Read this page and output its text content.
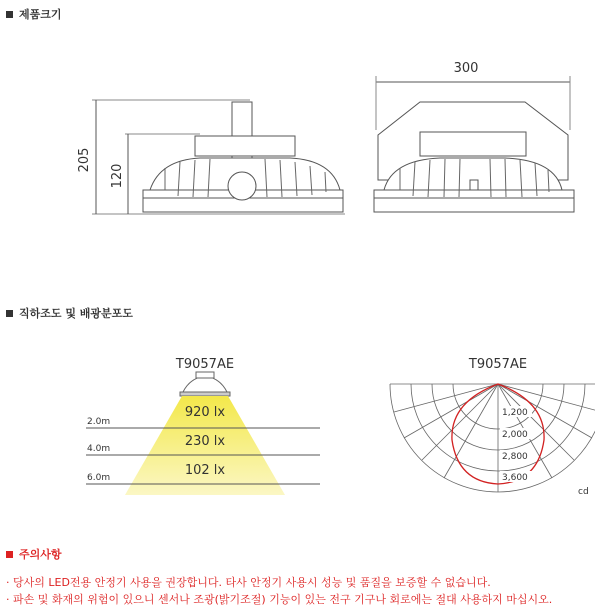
제품크기
205
120
300
직하조도 및 배광분포도
T9057AE
2.0m
4.0m
6.0m
920 lx
230 lx
102 lx
T9057AE
1,200
2,000
2,800
3,600
cd
주의사항
· 당사의 LED전용 안정기 사용을 권장합니다. 타사 안정기 사용시 성능 및 품질을 보증할 수 없습니다.
· 파손 및 화재의 위험이 있으니 센서나 조광(밝기조절) 기능이 있는 전구 기구나 회로에는 절대 사용하지 마십시오.
